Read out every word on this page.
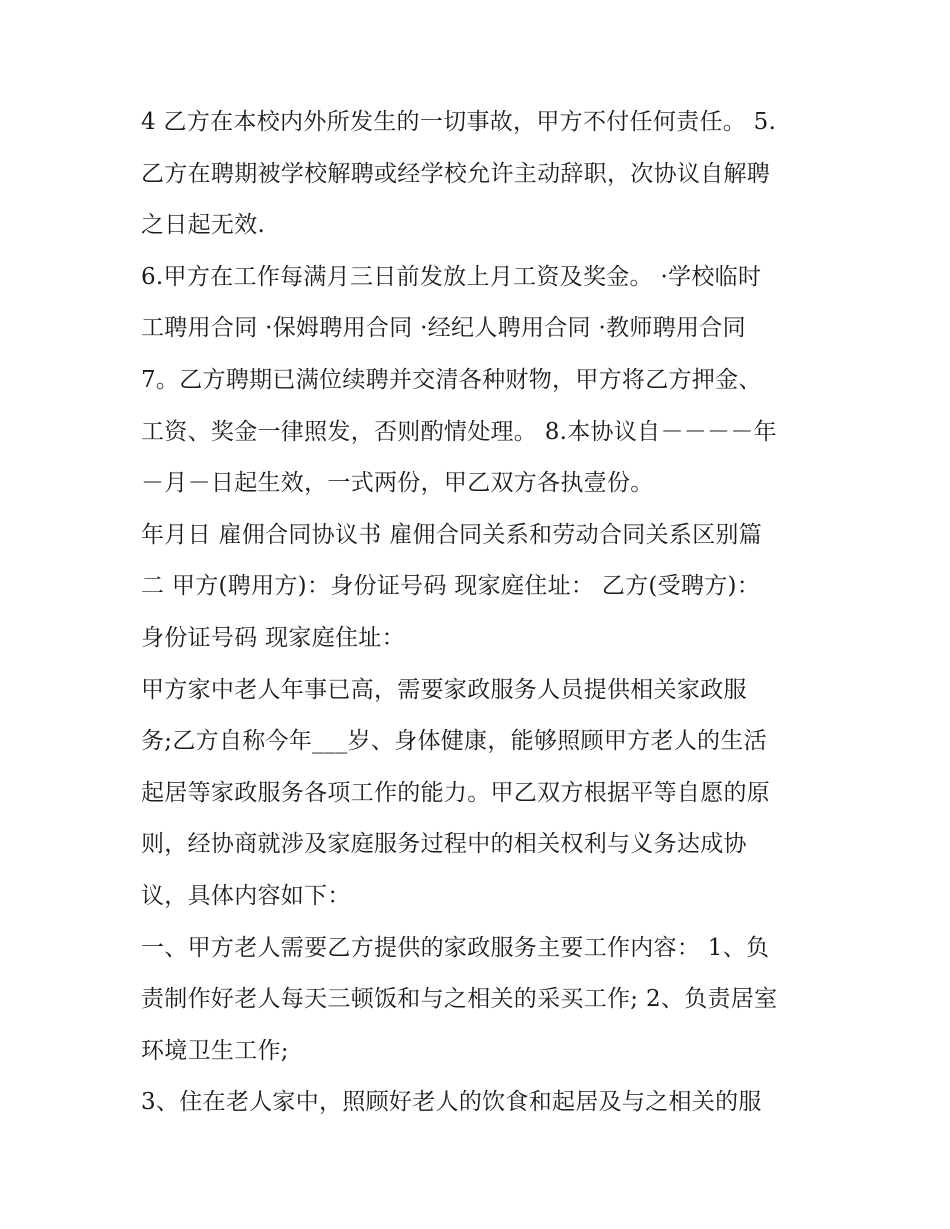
4 乙方在本校内外所发生的一切事故，甲方不付任何责任。 5.
乙方在聘期被学校解聘或经学校允许主动辞职，次协议自解聘
之日起无效.
6.甲方在工作每满月三日前发放上月工资及奖金。 ·学校临时
工聘用合同 ·保姆聘用合同 ·经纪人聘用合同 ·教师聘用合同
7。乙方聘期已满位续聘并交清各种财物，甲方将乙方押金、
工资、奖金一律照发，否则酌情处理。 8.本协议自－－－－年
－月－日起生效，一式两份，甲乙双方各执壹份。
年月日 雇佣合同协议书 雇佣合同关系和劳动合同关系区别篇
二 甲方(聘用方)：身份证号码 现家庭住址： 乙方(受聘方)：
身份证号码 现家庭住址：
甲方家中老人年事已高，需要家政服务人员提供相关家政服
务;乙方自称今年___岁、身体健康，能够照顾甲方老人的生活
起居等家政服务各项工作的能力。甲乙双方根据平等自愿的原
则，经协商就涉及家庭服务过程中的相关权利与义务达成协
议，具体内容如下：
一、甲方老人需要乙方提供的家政服务主要工作内容： 1、负
责制作好老人每天三顿饭和与之相关的采买工作; 2、负责居室
环境卫生工作;
3、住在老人家中，照顾好老人的饮食和起居及与之相关的服
